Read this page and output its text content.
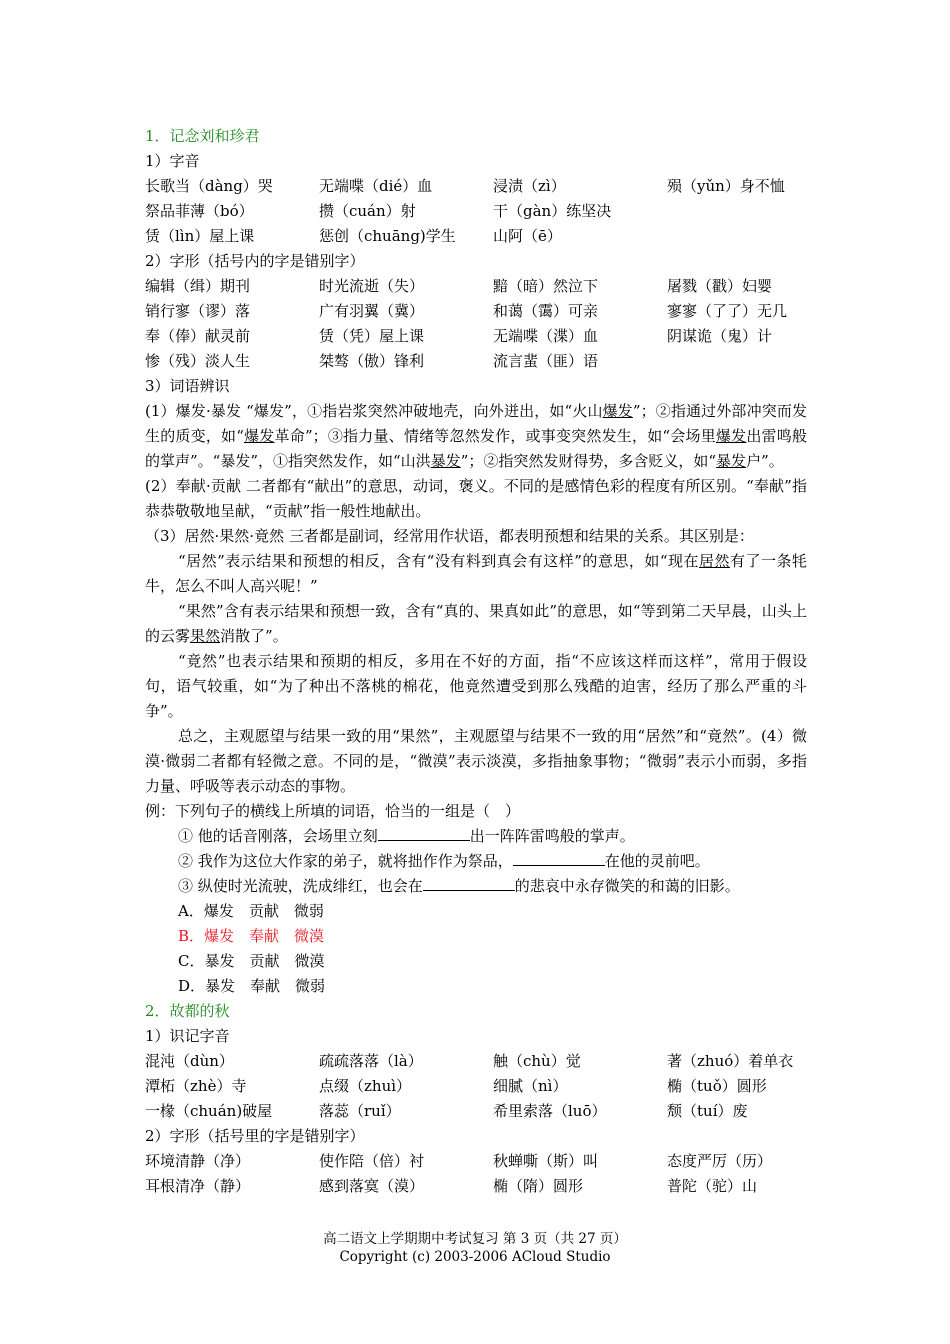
1．记念刘和珍君
1）字音
长歌当（dàng）哭	无端喋（dié）血	浸渍（zì）	殒（yǔn）身不恤
祭品菲薄（bó）	攒（cuán）射	干（gàn）练坚决
赁（lìn）屋上课	惩创（chuāng)学生	山阿（ē）
2）字形（括号内的字是错别字）
编辑（缉）期刊	时光流逝（失）	黯（暗）然泣下	屠戮（戳）妇婴
销行寥（谬）落	广有羽翼（冀）	和蔼（霭）可亲	寥寥（了了）无几
奉（俸）献灵前	赁（凭）屋上课	无端喋（渫）血	阴谋诡（鬼）计
惨（残）淡人生	桀骜（傲）锋利	流言蜚（匪）语
3）词语辨识
(1）爆发·暴发 “爆发”，①指岩浆突然冲破地壳，向外迸出，如“火山爆发”；②指通过外部冲突而发生的质变，如“爆发革命”；③指力量、情绪等忽然发作，或事变突然发生，如“会场里爆发出雷鸣般的掌声”。“暴发”，①指突然发作，如“山洪暴发”；②指突然发财得势，多含贬义，如“暴发户”。
(2）奉献·贡献 二者都有“献出”的意思，动词，褒义。不同的是感情色彩的程度有所区别。“奉献”指恭恭敬敬地呈献，“贡献”指一般性地献出。
（3）居然·果然·竟然 三者都是副词，经常用作状语，都表明预想和结果的关系。其区别是：
“居然”表示结果和预想的相反，含有“没有料到真会有这样”的意思，如“现在居然有了一条牦牛，怎么不叫人高兴呢！”
“果然”含有表示结果和预想一致，含有“真的、果真如此”的意思，如“等到第二天早晨，山头上的云雾果然消散了”。
“竟然”也表示结果和预期的相反，多用在不好的方面，指“不应该这样而这样”，常用于假设句，语气较重，如“为了种出不落桃的棉花，他竟然遭受到那么残酷的迫害，经历了那么严重的斗争”。
总之，主观愿望与结果一致的用“果然”，主观愿望与结果不一致的用“居然”和“竟然”。(4）微漠·微弱二者都有轻微之意。不同的是，“微漠”表示淡漠，多指抽象事物；“微弱”表示小而弱，多指力量、呼吸等表示动态的事物。
例：下列句子的横线上所填的词语，恰当的一组是（　）
① 他的话音刚落，会场里立刻	出一阵阵雷鸣般的掌声。
② 我作为这位大作家的弟子，就将拙作作为祭品，	在他的灵前吧。
③ 纵使时光流驶，洗成绯红，也会在	的悲哀中永存微笑的和蔼的旧影。
A．爆发　贡献　微弱
B．爆发　奉献　微漠
C．暴发　贡献　微漠
D．暴发　奉献　微弱
2．故都的秋
1）识记字音
混沌（dùn）	疏疏落落（là）	触（chù）觉	著（zhuó）着单衣
潭柘（zhè）寺	点缀（zhuì）	细腻（nì）	椭（tuǒ）圆形
一椽（chuán)破屋	落蕊（ruǐ）	希里索落（luō）	颓（tuí）废
2）字形（括号里的字是错别字）
环境清静（净）	使作陪（倍）衬	秋蝉嘶（斯）叫	态度严厉（历）
耳根清净（静）	感到落寞（漠）	椭（隋）圆形	普陀（驼）山
高二语文上学期期中考试复习 第 3 页（共 27 页）
Copyright (c) 2003-2006 ACloud Studio
